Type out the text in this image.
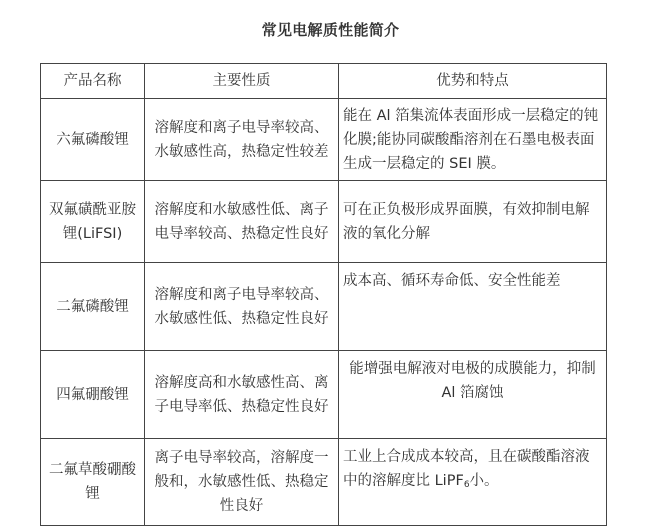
常见电解质性能简介
产品名称	主要性质	优势和特点
六氟磷酸锂	溶解度和离子电导率较高、水敏感性高，热稳定性较差	能在 Al 箔集流体表面形成一层稳定的钝化膜;能协同碳酸酯溶剂在石墨电极表面生成一层稳定的 SEI 膜。
双氟磺酰亚胺锂(LiFSI)	溶解度和水敏感性低、离子电导率较高、热稳定性良好	可在正负极形成界面膜，有效抑制电解液的氧化分解
二氟磷酸锂	溶解度和离子电导率较高、水敏感性低、热稳定性良好	成本高、循环寿命低、安全性能差
四氟硼酸锂	溶解度高和水敏感性高、离子电导率低、热稳定性良好	能增强电解液对电极的成膜能力，抑制 Al 箔腐蚀
二氟草酸硼酸锂	离子电导率较高，溶解度一般和，水敏感性低、热稳定性良好	工业上合成成本较高，且在碳酸酯溶液中的溶解度比 LiPF$_6$小。
